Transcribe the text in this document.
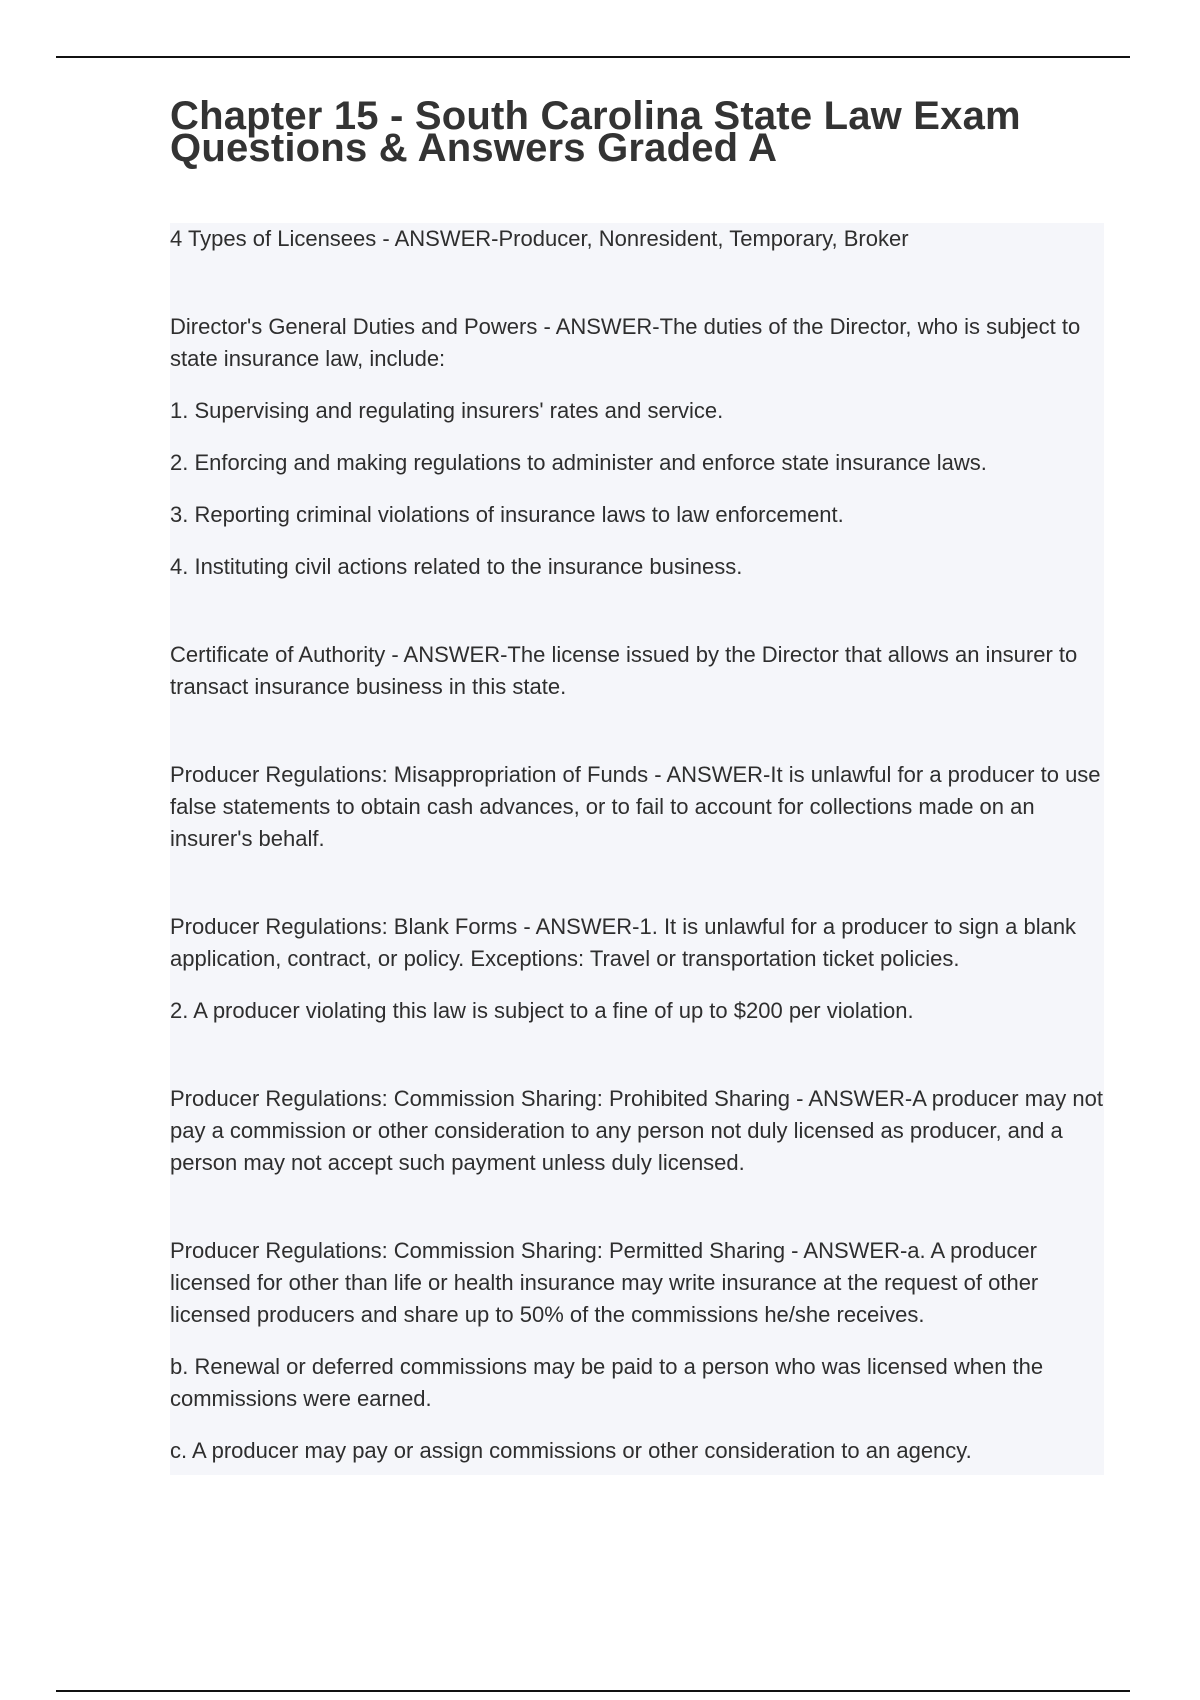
Chapter 15 - South Carolina State Law Exam Questions & Answers Graded A

4 Types of Licensees - ANSWER-Producer, Nonresident, Temporary, Broker

Director's General Duties and Powers - ANSWER-The duties of the Director, who is subject to state insurance law, include:

1. Supervising and regulating insurers' rates and service.

2. Enforcing and making regulations to administer and enforce state insurance laws.

3. Reporting criminal violations of insurance laws to law enforcement.

4. Instituting civil actions related to the insurance business.

Certificate of Authority - ANSWER-The license issued by the Director that allows an insurer to transact insurance business in this state.

Producer Regulations: Misappropriation of Funds - ANSWER-It is unlawful for a producer to use false statements to obtain cash advances, or to fail to account for collections made on an insurer's behalf.

Producer Regulations: Blank Forms - ANSWER-1. It is unlawful for a producer to sign a blank application, contract, or policy. Exceptions: Travel or transportation ticket policies.

2. A producer violating this law is subject to a fine of up to $200 per violation.

Producer Regulations: Commission Sharing: Prohibited Sharing - ANSWER-A producer may not pay a commission or other consideration to any person not duly licensed as producer, and a person may not accept such payment unless duly licensed.

Producer Regulations: Commission Sharing: Permitted Sharing - ANSWER-a. A producer licensed for other than life or health insurance may write insurance at the request of other licensed producers and share up to 50% of the commissions he/she receives.

b. Renewal or deferred commissions may be paid to a person who was licensed when the commissions were earned.

c. A producer may pay or assign commissions or other consideration to an agency.
